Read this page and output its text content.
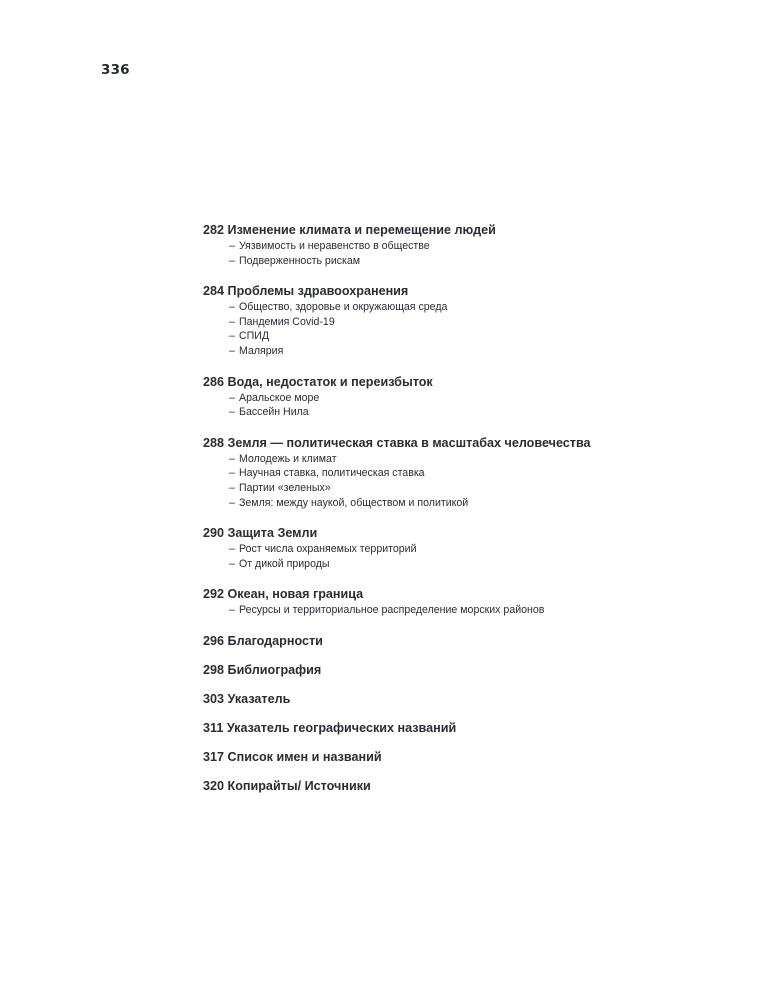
336
282 Изменение климата и перемещение людей
– Уязвимость и неравенство в обществе
– Подверженность рискам
284 Проблемы здравоохранения
– Общество, здоровье и окружающая среда
– Пандемия Covid-19
– СПИД
– Малярия
286 Вода, недостаток и переизбыток
– Аральское море
– Бассейн Нила
288 Земля — политическая ставка в масштабах человечества
– Молодежь и климат
– Научная ставка, политическая ставка
– Партии «зеленых»
– Земля: между наукой, обществом и политикой
290 Защита Земли
– Рост числа охраняемых территорий
– От дикой природы
292 Океан, новая граница
– Ресурсы и территориальное распределение морских районов
296 Благодарности
298 Библиография
303 Указатель
311 Указатель географических названий
317 Список имен и названий
320 Копирайты/ Источники
